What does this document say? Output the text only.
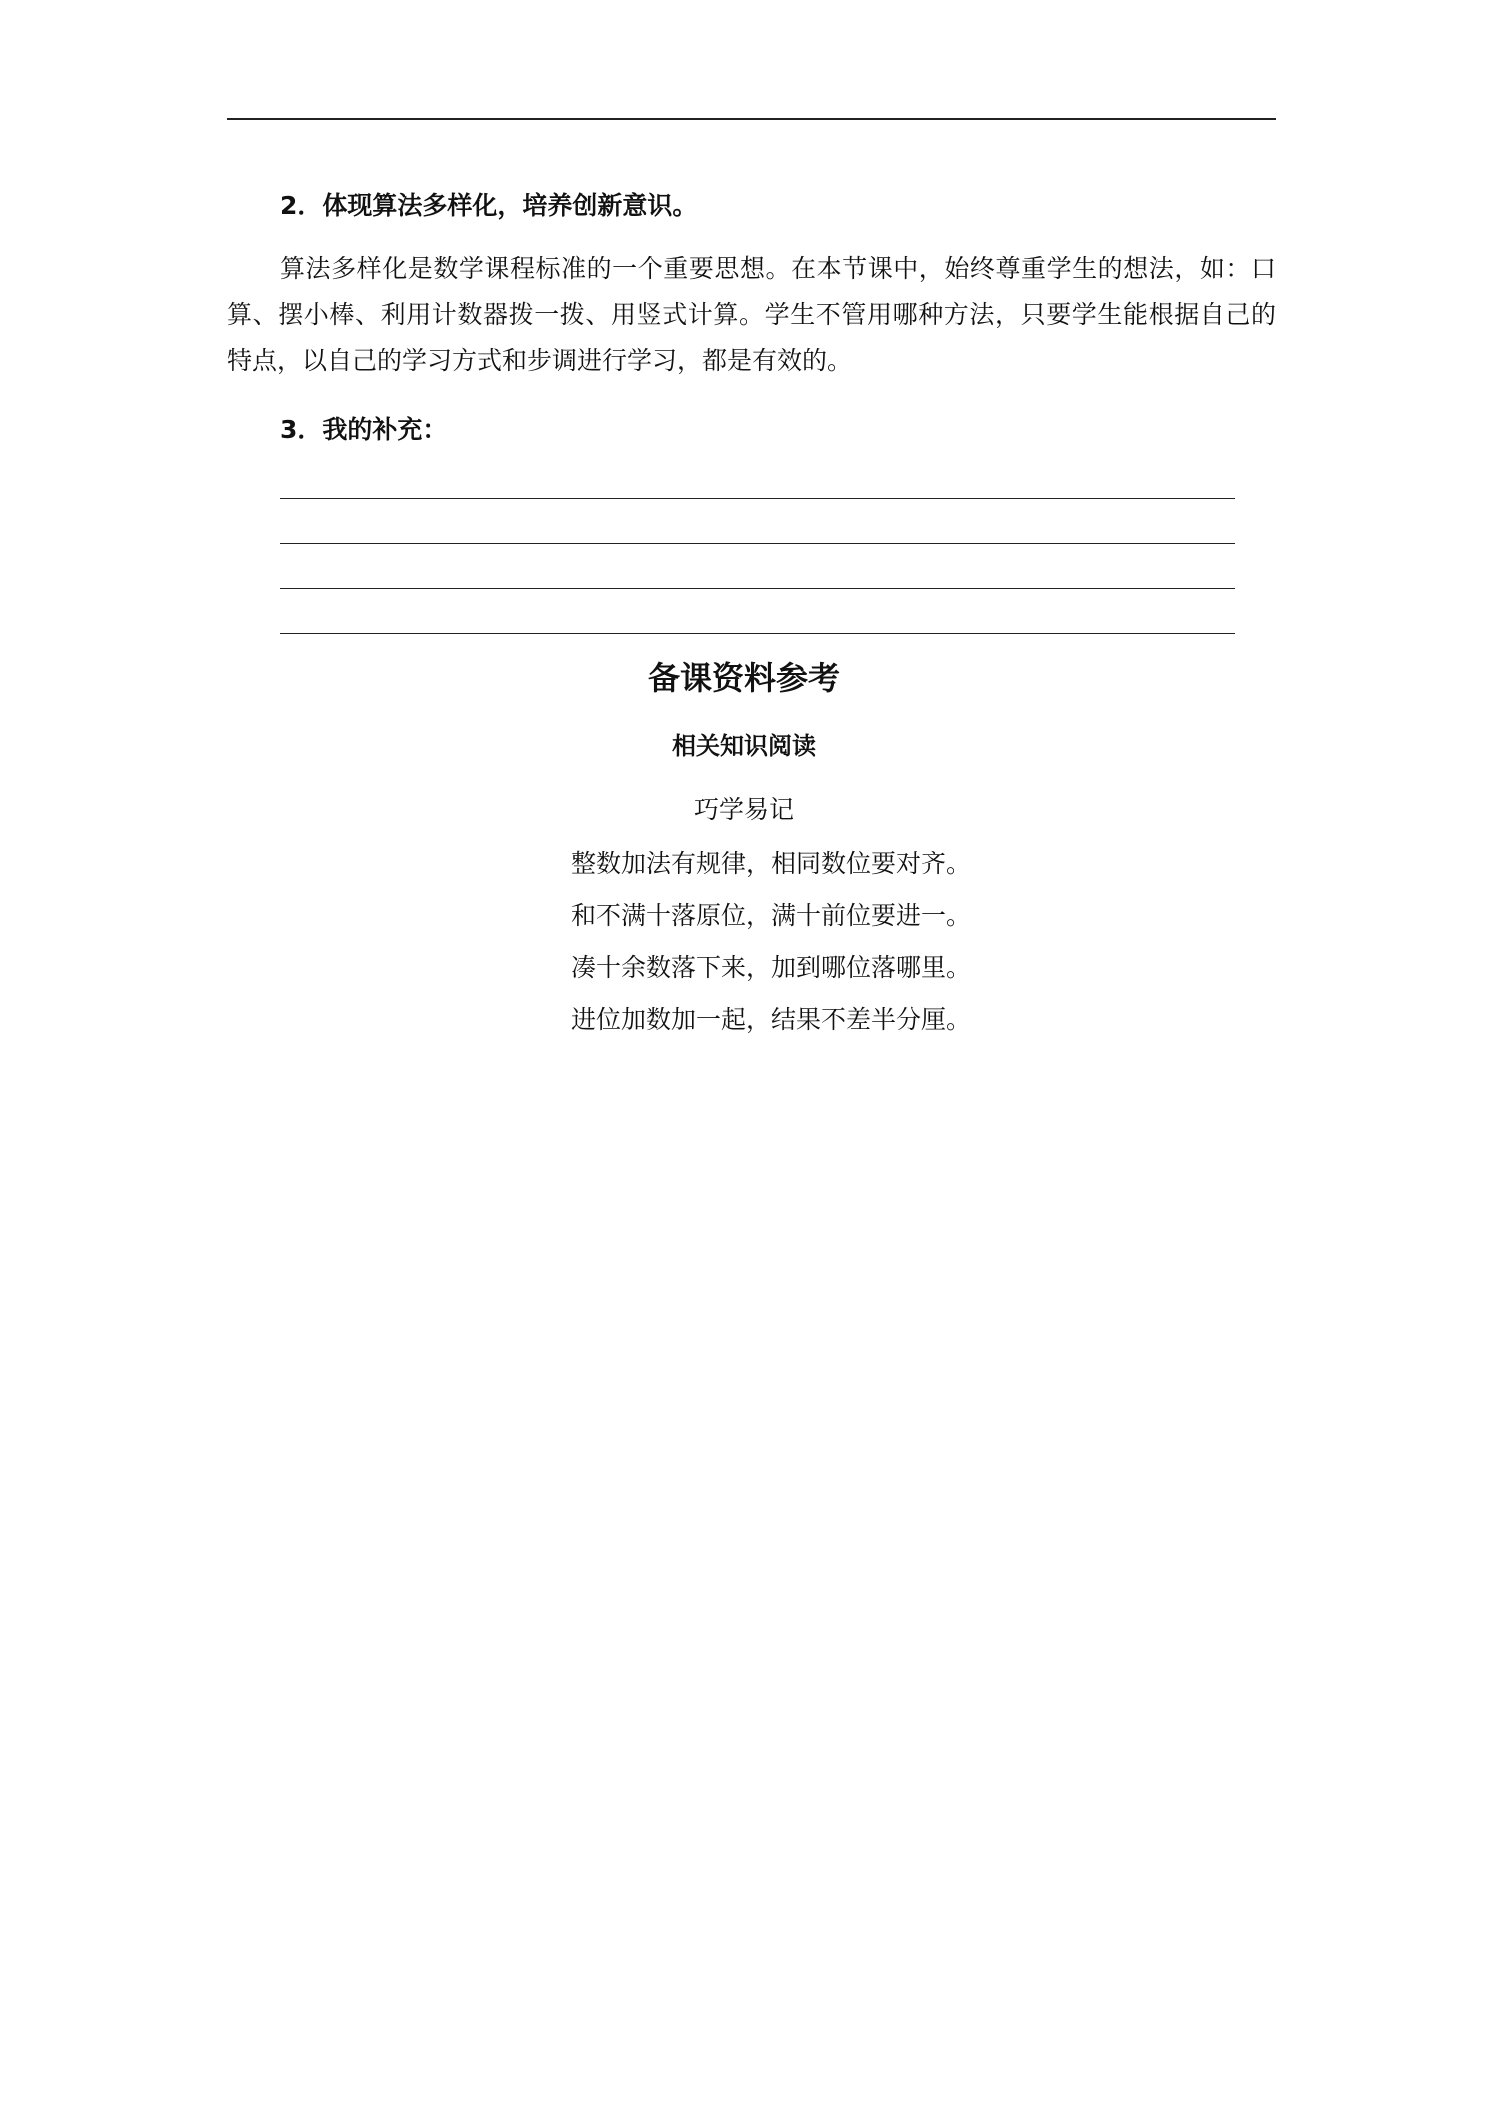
2．体现算法多样化，培养创新意识。

算法多样化是数学课程标准的一个重要思想。在本节课中，始终尊重学生的想法，如：口算、摆小棒、利用计数器拨一拨、用竖式计算。学生不管用哪种方法，只要学生能根据自己的特点，以自己的学习方式和步调进行学习，都是有效的。

3．我的补充：
备课资料参考
相关知识阅读
巧学易记
整数加法有规律，相同数位要对齐。
和不满十落原位，满十前位要进一。
凑十余数落下来，加到哪位落哪里。
进位加数加一起，结果不差半分厘。
